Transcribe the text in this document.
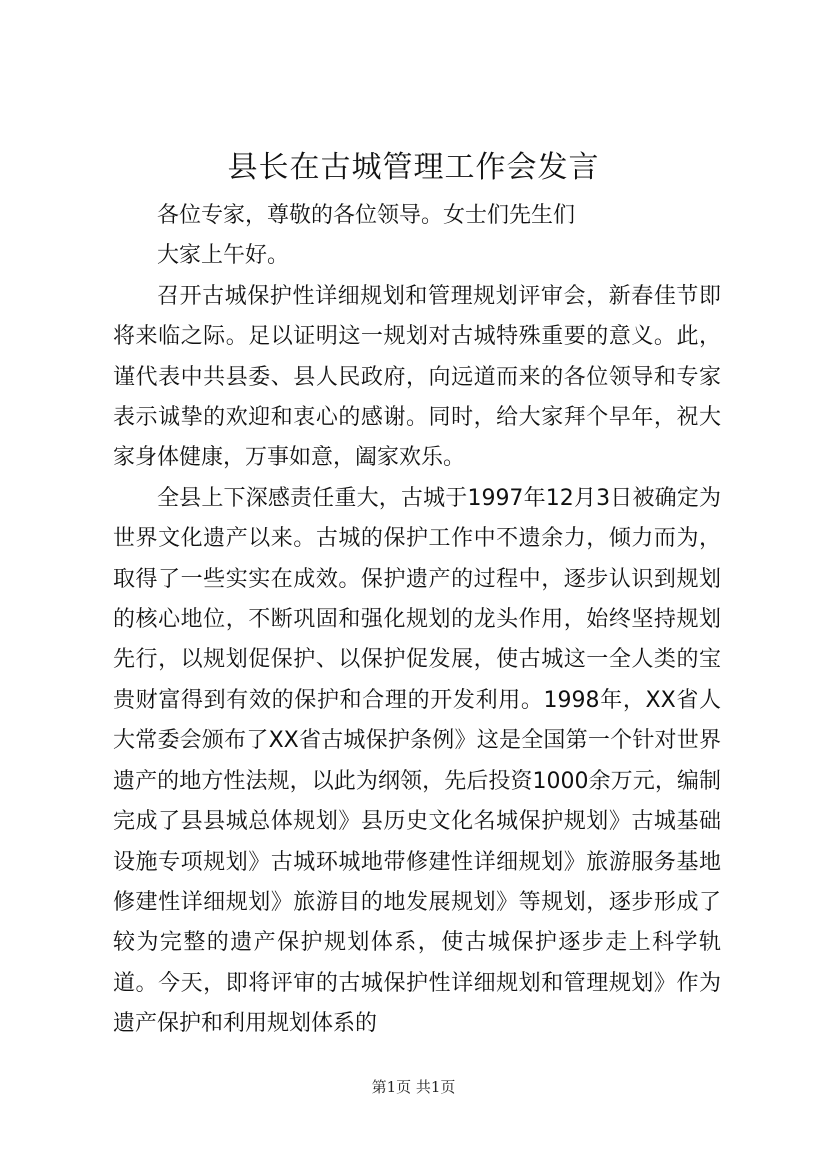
县长在古城管理工作会发言

各位专家，尊敬的各位领导。女士们先生们

大家上午好。

召开古城保护性详细规划和管理规划评审会，新春佳节即将来临之际。足以证明这一规划对古城特殊重要的意义。此，谨代表中共县委、县人民政府，向远道而来的各位领导和专家表示诚挚的欢迎和衷心的感谢。同时，给大家拜个早年，祝大家身体健康，万事如意，阖家欢乐。

全县上下深感责任重大，古城于1997年12月3日被确定为世界文化遗产以来。古城的保护工作中不遗余力，倾力而为，取得了一些实实在成效。保护遗产的过程中，逐步认识到规划的核心地位，不断巩固和强化规划的龙头作用，始终坚持规划先行，以规划促保护、以保护促发展，使古城这一全人类的宝贵财富得到有效的保护和合理的开发利用。1998年，XX省人大常委会颁布了XX省古城保护条例》这是全国第一个针对世界遗产的地方性法规，以此为纲领，先后投资1000余万元，编制完成了县县城总体规划》县历史文化名城保护规划》古城基础设施专项规划》古城环城地带修建性详细规划》旅游服务基地修建性详细规划》旅游目的地发展规划》等规划，逐步形成了较为完整的遗产保护规划体系，使古城保护逐步走上科学轨道。今天，即将评审的古城保护性详细规划和管理规划》作为遗产保护和利用规划体系的

第1页 共1页
